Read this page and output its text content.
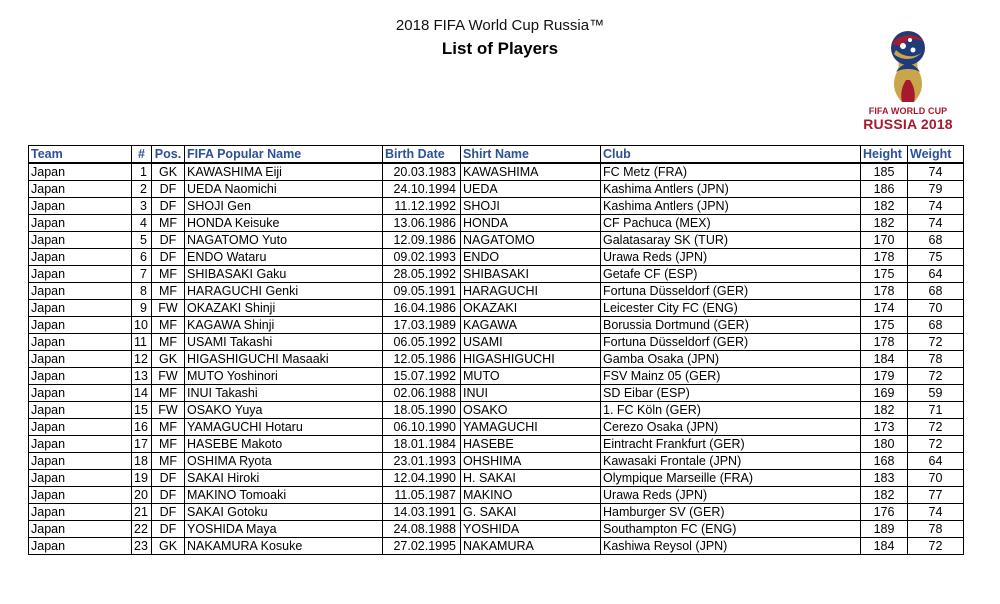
2018 FIFA World Cup Russia™
List of Players
FIFA WORLD CUP
RUSSIA 2018
Team	#	Pos.	FIFA Popular Name	Birth Date	Shirt Name	Club	Height	Weight
Japan	1	GK	KAWASHIMA Eiji	20.03.1983	KAWASHIMA	FC Metz (FRA)	185	74
Japan	2	DF	UEDA Naomichi	24.10.1994	UEDA	Kashima Antlers (JPN)	186	79
Japan	3	DF	SHOJI Gen	11.12.1992	SHOJI	Kashima Antlers (JPN)	182	74
Japan	4	MF	HONDA Keisuke	13.06.1986	HONDA	CF Pachuca (MEX)	182	74
Japan	5	DF	NAGATOMO Yuto	12.09.1986	NAGATOMO	Galatasaray SK (TUR)	170	68
Japan	6	DF	ENDO Wataru	09.02.1993	ENDO	Urawa Reds (JPN)	178	75
Japan	7	MF	SHIBASAKI Gaku	28.05.1992	SHIBASAKI	Getafe CF (ESP)	175	64
Japan	8	MF	HARAGUCHI Genki	09.05.1991	HARAGUCHI	Fortuna Düsseldorf (GER)	178	68
Japan	9	FW	OKAZAKI Shinji	16.04.1986	OKAZAKI	Leicester City FC (ENG)	174	70
Japan	10	MF	KAGAWA Shinji	17.03.1989	KAGAWA	Borussia Dortmund (GER)	175	68
Japan	11	MF	USAMI Takashi	06.05.1992	USAMI	Fortuna Düsseldorf (GER)	178	72
Japan	12	GK	HIGASHIGUCHI Masaaki	12.05.1986	HIGASHIGUCHI	Gamba Osaka (JPN)	184	78
Japan	13	FW	MUTO Yoshinori	15.07.1992	MUTO	FSV Mainz 05 (GER)	179	72
Japan	14	MF	INUI Takashi	02.06.1988	INUI	SD Eibar (ESP)	169	59
Japan	15	FW	OSAKO Yuya	18.05.1990	OSAKO	1. FC Köln (GER)	182	71
Japan	16	MF	YAMAGUCHI Hotaru	06.10.1990	YAMAGUCHI	Cerezo Osaka (JPN)	173	72
Japan	17	MF	HASEBE Makoto	18.01.1984	HASEBE	Eintracht Frankfurt (GER)	180	72
Japan	18	MF	OSHIMA Ryota	23.01.1993	OHSHIMA	Kawasaki Frontale (JPN)	168	64
Japan	19	DF	SAKAI Hiroki	12.04.1990	H. SAKAI	Olympique Marseille (FRA)	183	70
Japan	20	DF	MAKINO Tomoaki	11.05.1987	MAKINO	Urawa Reds (JPN)	182	77
Japan	21	DF	SAKAI Gotoku	14.03.1991	G. SAKAI	Hamburger SV (GER)	176	74
Japan	22	DF	YOSHIDA Maya	24.08.1988	YOSHIDA	Southampton FC (ENG)	189	78
Japan	23	GK	NAKAMURA Kosuke	27.02.1995	NAKAMURA	Kashiwa Reysol (JPN)	184	72
